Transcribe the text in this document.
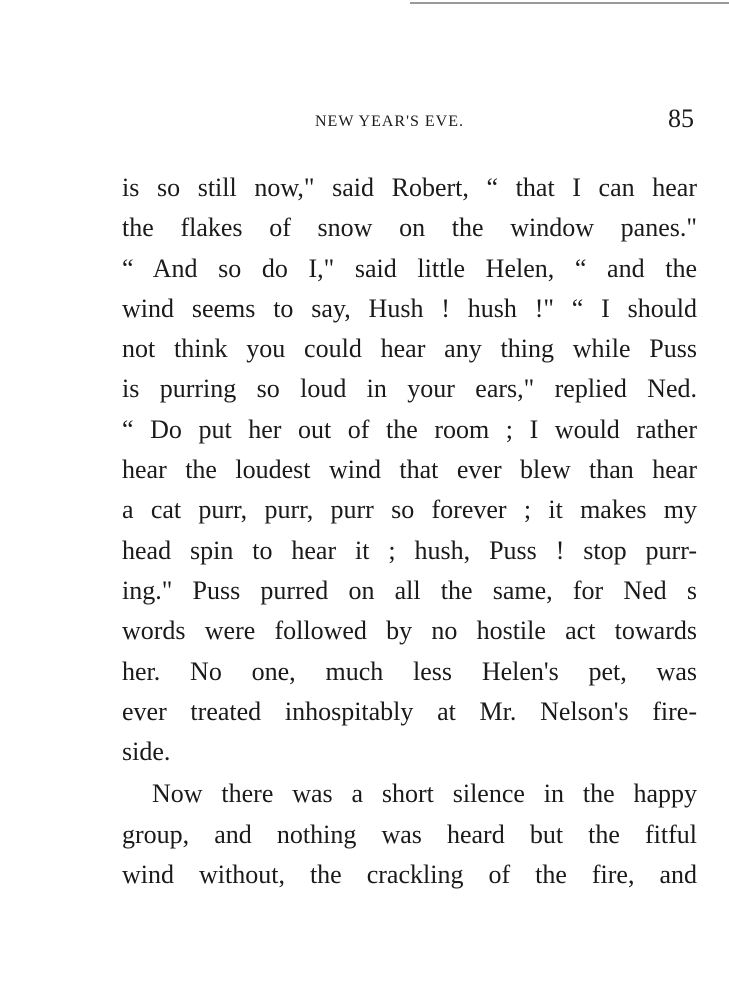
NEW YEAR'S EVE.	85
is so still now," said Robert, “ that I can hear
the flakes of snow on the window panes."
“ And so do I," said little Helen, “ and the
wind seems to say, Hush ! hush !" “ I should
not think you could hear any thing while Puss
is purring so loud in your ears," replied Ned.
“ Do put her out of the room ; I would rather
hear the loudest wind that ever blew than hear
a cat purr, purr, purr so forever ; it makes my
head spin to hear it ; hush, Puss ! stop purr-
ing." Puss purred on all the same, for Ned s
words were followed by no hostile act towards
her. No one, much less Helen's pet, was
ever treated inhospitably at Mr. Nelson's fire-
side.
Now there was a short silence in the happy
group, and nothing was heard but the fitful
wind without, the crackling of the fire, and
